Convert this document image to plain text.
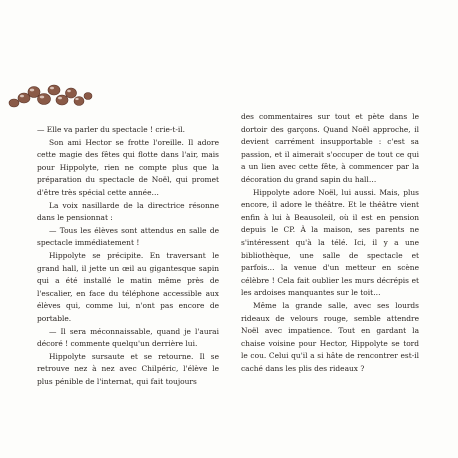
— Elle va parler du spectacle ! crie-t-il.

Son ami Hector se frotte l'oreille. Il adore cette magie des fêtes qui flotte dans l'air, mais pour Hippolyte, rien ne compte plus que la préparation du spectacle de Noël, qui promet d'être très spécial cette année…

La voix nasillarde de la directrice résonne dans le pensionnat :

— Tous les élèves sont attendus en salle de spectacle immédiatement !

Hippolyte se précipite. En traversant le grand hall, il jette un œil au gigantesque sapin qui a été installé le matin même près de l'escalier, en face du téléphone accessible aux élèves qui, comme lui, n'ont pas encore de portable.

— Il sera méconnaissable, quand je l'aurai décoré ! commente quelqu'un derrière lui.

Hippolyte sursaute et se retourne. Il se retrouve nez à nez avec Chilpéric, l'élève le plus pénible de l'internat, qui fait toujours

des commentaires sur tout et pète dans le dortoir des garçons. Quand Noël approche, il devient carrément insupportable : c'est sa passion, et il aimerait s'occuper de tout ce qui a un lien avec cette fête, à commencer par la décoration du grand sapin du hall…

Hippolyte adore Noël, lui aussi. Mais, plus encore, il adore le théâtre. Et le théâtre vient enfin à lui à Beausoleil, où il est en pension depuis le CP. À la maison, ses parents ne s'intéressent qu'à la télé. Ici, il y a une bibliothèque, une salle de spectacle et parfois… la venue d'un metteur en scène célèbre ! Cela fait oublier les murs décrépis et les ardoises manquantes sur le toit…

Même la grande salle, avec ses lourds rideaux de velours rouge, semble attendre Noël avec impatience. Tout en gardant la chaise voisine pour Hector, Hippolyte se tord le cou. Celui qu'il a si hâte de rencontrer est-il caché dans les plis des rideaux ?
